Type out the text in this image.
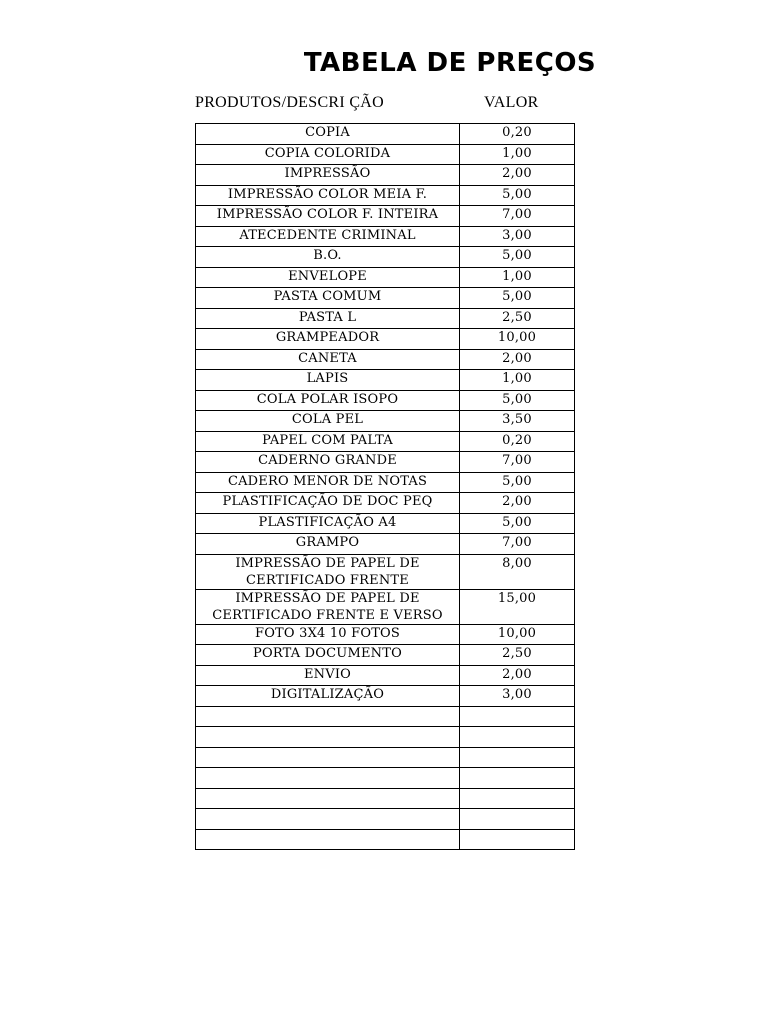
TABELA DE PREÇOS
PRODUTOS/DESCRI ÇÃO	VALOR
COPIA	0,20
COPIA COLORIDA	1,00
IMPRESSÃO	2,00
IMPRESSÃO COLOR MEIA F.	5,00
IMPRESSÃO COLOR F. INTEIRA	7,00
ATECEDENTE CRIMINAL	3,00
B.O.	5,00
ENVELOPE	1,00
PASTA COMUM	5,00
PASTA L	2,50
GRAMPEADOR	10,00
CANETA	2,00
LAPIS	1,00
COLA POLAR ISOPO	5,00
COLA PEL	3,50
PAPEL COM PALTA	0,20
CADERNO GRANDE	7,00
CADERO MENOR DE NOTAS	5,00
PLASTIFICAÇÃO DE DOC PEQ	2,00
PLASTIFICAÇÃO A4	5,00
GRAMPO	7,00
IMPRESSÃO DE PAPEL DE CERTIFICADO FRENTE	8,00
IMPRESSÃO DE PAPEL DE CERTIFICADO FRENTE E VERSO	15,00
FOTO 3X4 10 FOTOS	10,00
PORTA DOCUMENTO	2,50
ENVIO	2,00
DIGITALIZAÇÃO	3,00
